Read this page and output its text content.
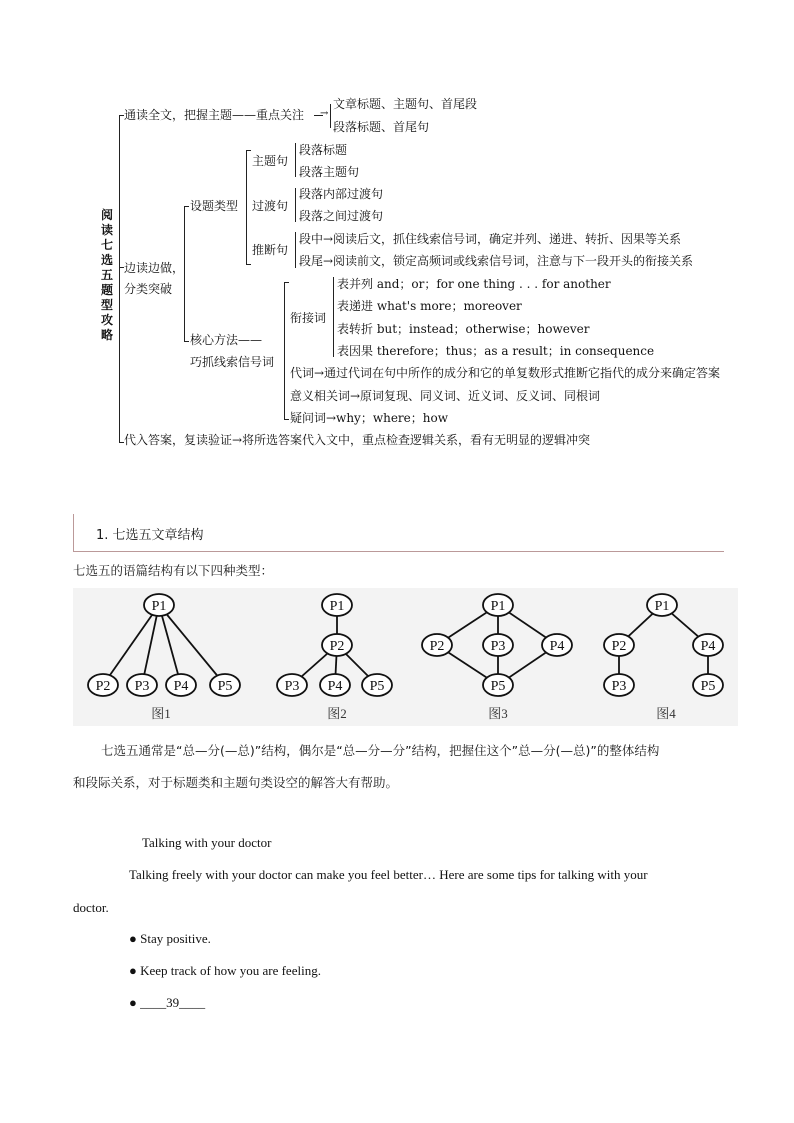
阅读七选五题型攻略
通读全文，把握主题——重点关注 →
文章标题、主题句、首尾段
段落标题、首尾句
边读边做，
分类突破
设题类型
主题句
段落标题
段落主题句
过渡句
段落内部过渡句
段落之间过渡句
推断句
段中→阅读后文，抓住线索信号词，确定并列、递进、转折、因果等关系
段尾→阅读前文，锁定高频词或线索信号词，注意与下一段开头的衔接关系
核心方法——
巧抓线索信号词
衔接词
表并列 and；or；for one thing . . . for another
表递进 what's more；moreover
表转折 but；instead；otherwise；however
表因果 therefore；thus；as a result；in consequence
代词→通过代词在句中所作的成分和它的单复数形式推断它指代的成分来确定答案
意义相关词→原词复现、同义词、近义词、反义词、同根词
疑问词→why；where；how
代入答案，复读验证→将所选答案代入文中，重点检查逻辑关系，看有无明显的逻辑冲突
1. 七选五文章结构
七选五的语篇结构有以下四种类型：
P1
P2 P3 P4 P5
P1
P2
P3 P4 P5
P1
P2	P3	P4
P5
P1
P2	P4
P3	P5
图1	图2	图3	图4
七选五通常是“总—分(—总)”结构，偶尔是“总—分—分”结构，把握住这个”总—分(—总)”的整体结构
和段际关系，对于标题类和主题句类设空的解答大有帮助。
Talking with your doctor
Talking freely with your doctor can make you feel better… Here are some tips for talking with your
doctor.
● Stay positive.
● Keep track of how you are feeling.
● ____39____
